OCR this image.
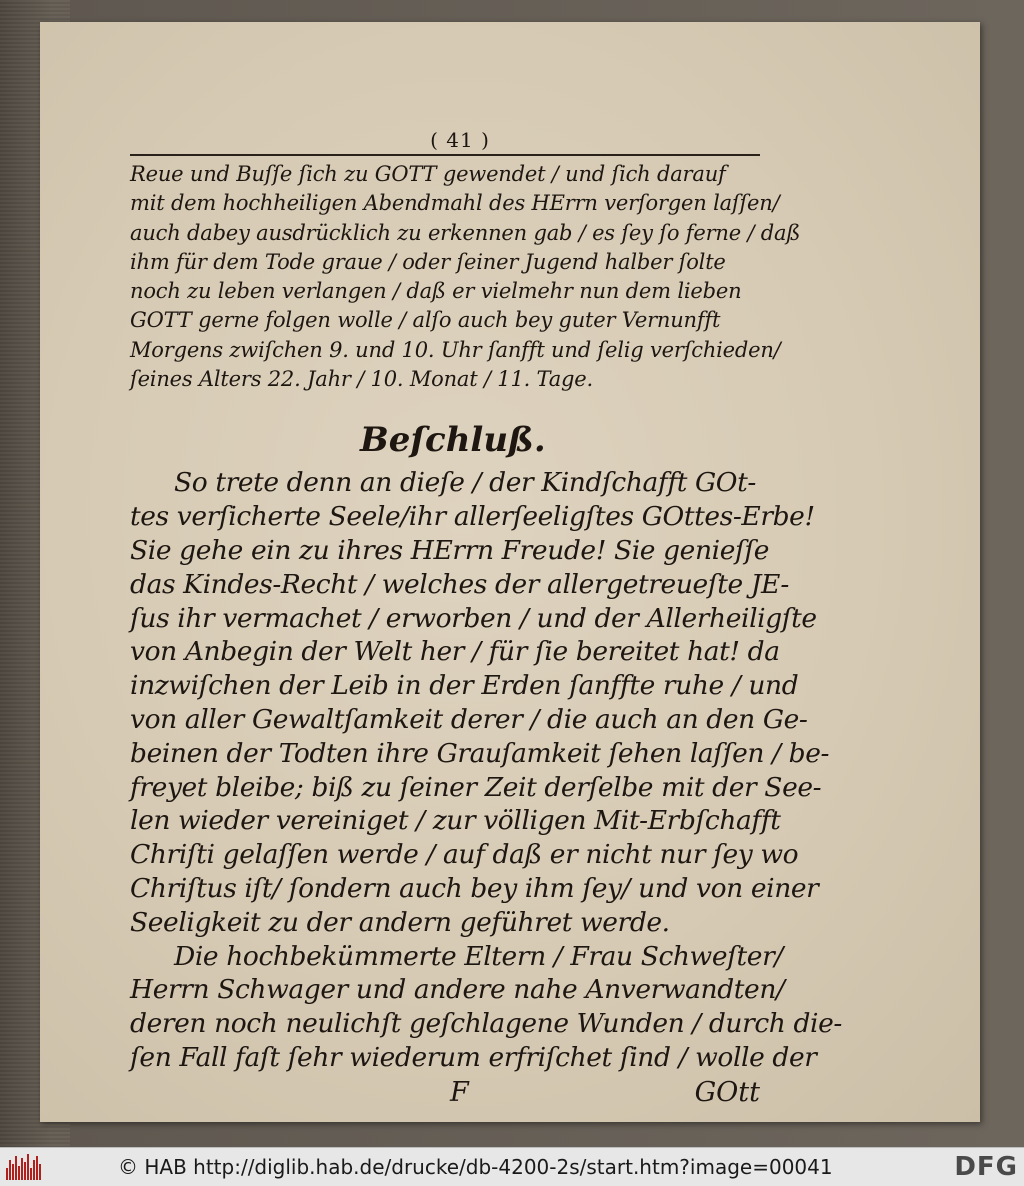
( 41 )
Reue und Buſſe ſich zu GOTT gewendet / und ſich darauf
mit dem hochheiligen Abendmahl des HErrn verſorgen laſſen/
auch dabey ausdrücklich zu erkennen gab / es ſey ſo ferne / daß
ihm für dem Tode graue / oder ſeiner Jugend halber ſolte
noch zu leben verlangen / daß er vielmehr nun dem lieben
GOTT gerne folgen wolle / alſo auch bey guter Vernunfft
Morgens zwiſchen 9. und 10. Uhr ſanfft und ſelig verſchieden/
ſeines Alters 22. Jahr / 10. Monat / 11. Tage.
Beſchluß.
So trete denn an dieſe / der Kindſchafft GOt-
tes verſicherte Seele/ihr allerſeeligſtes GOttes-Erbe!
Sie gehe ein zu ihres HErrn Freude! Sie genieſſe
das Kindes-Recht / welches der allergetreueſte JE-
ſus ihr vermachet / erworben / und der Allerheiligſte
von Anbegin der Welt her / für ſie bereitet hat! da
inzwiſchen der Leib in der Erden ſanffte ruhe / und
von aller Gewaltſamkeit derer / die auch an den Ge-
beinen der Todten ihre Grauſamkeit ſehen laſſen / be-
freyet bleibe; biß zu ſeiner Zeit derſelbe mit der See-
len wieder vereiniget / zur völligen Mit-Erbſchafft
Chriſti gelaſſen werde / auf daß er nicht nur ſey wo
Chriſtus iſt/ ſondern auch bey ihm ſey/ und von einer
Seeligkeit zu der andern geführet werde.
Die hochbekümmerte Eltern / Frau Schweſter/
Herrn Schwager und andere nahe Anverwandten/
deren noch neulichſt geſchlagene Wunden / durch die-
ſen Fall faſt ſehr wiederum erfriſchet ſind / wolle der
F	GOtt
© HAB http://diglib.hab.de/drucke/db-4200-2s/start.htm?image=00041	DFG
